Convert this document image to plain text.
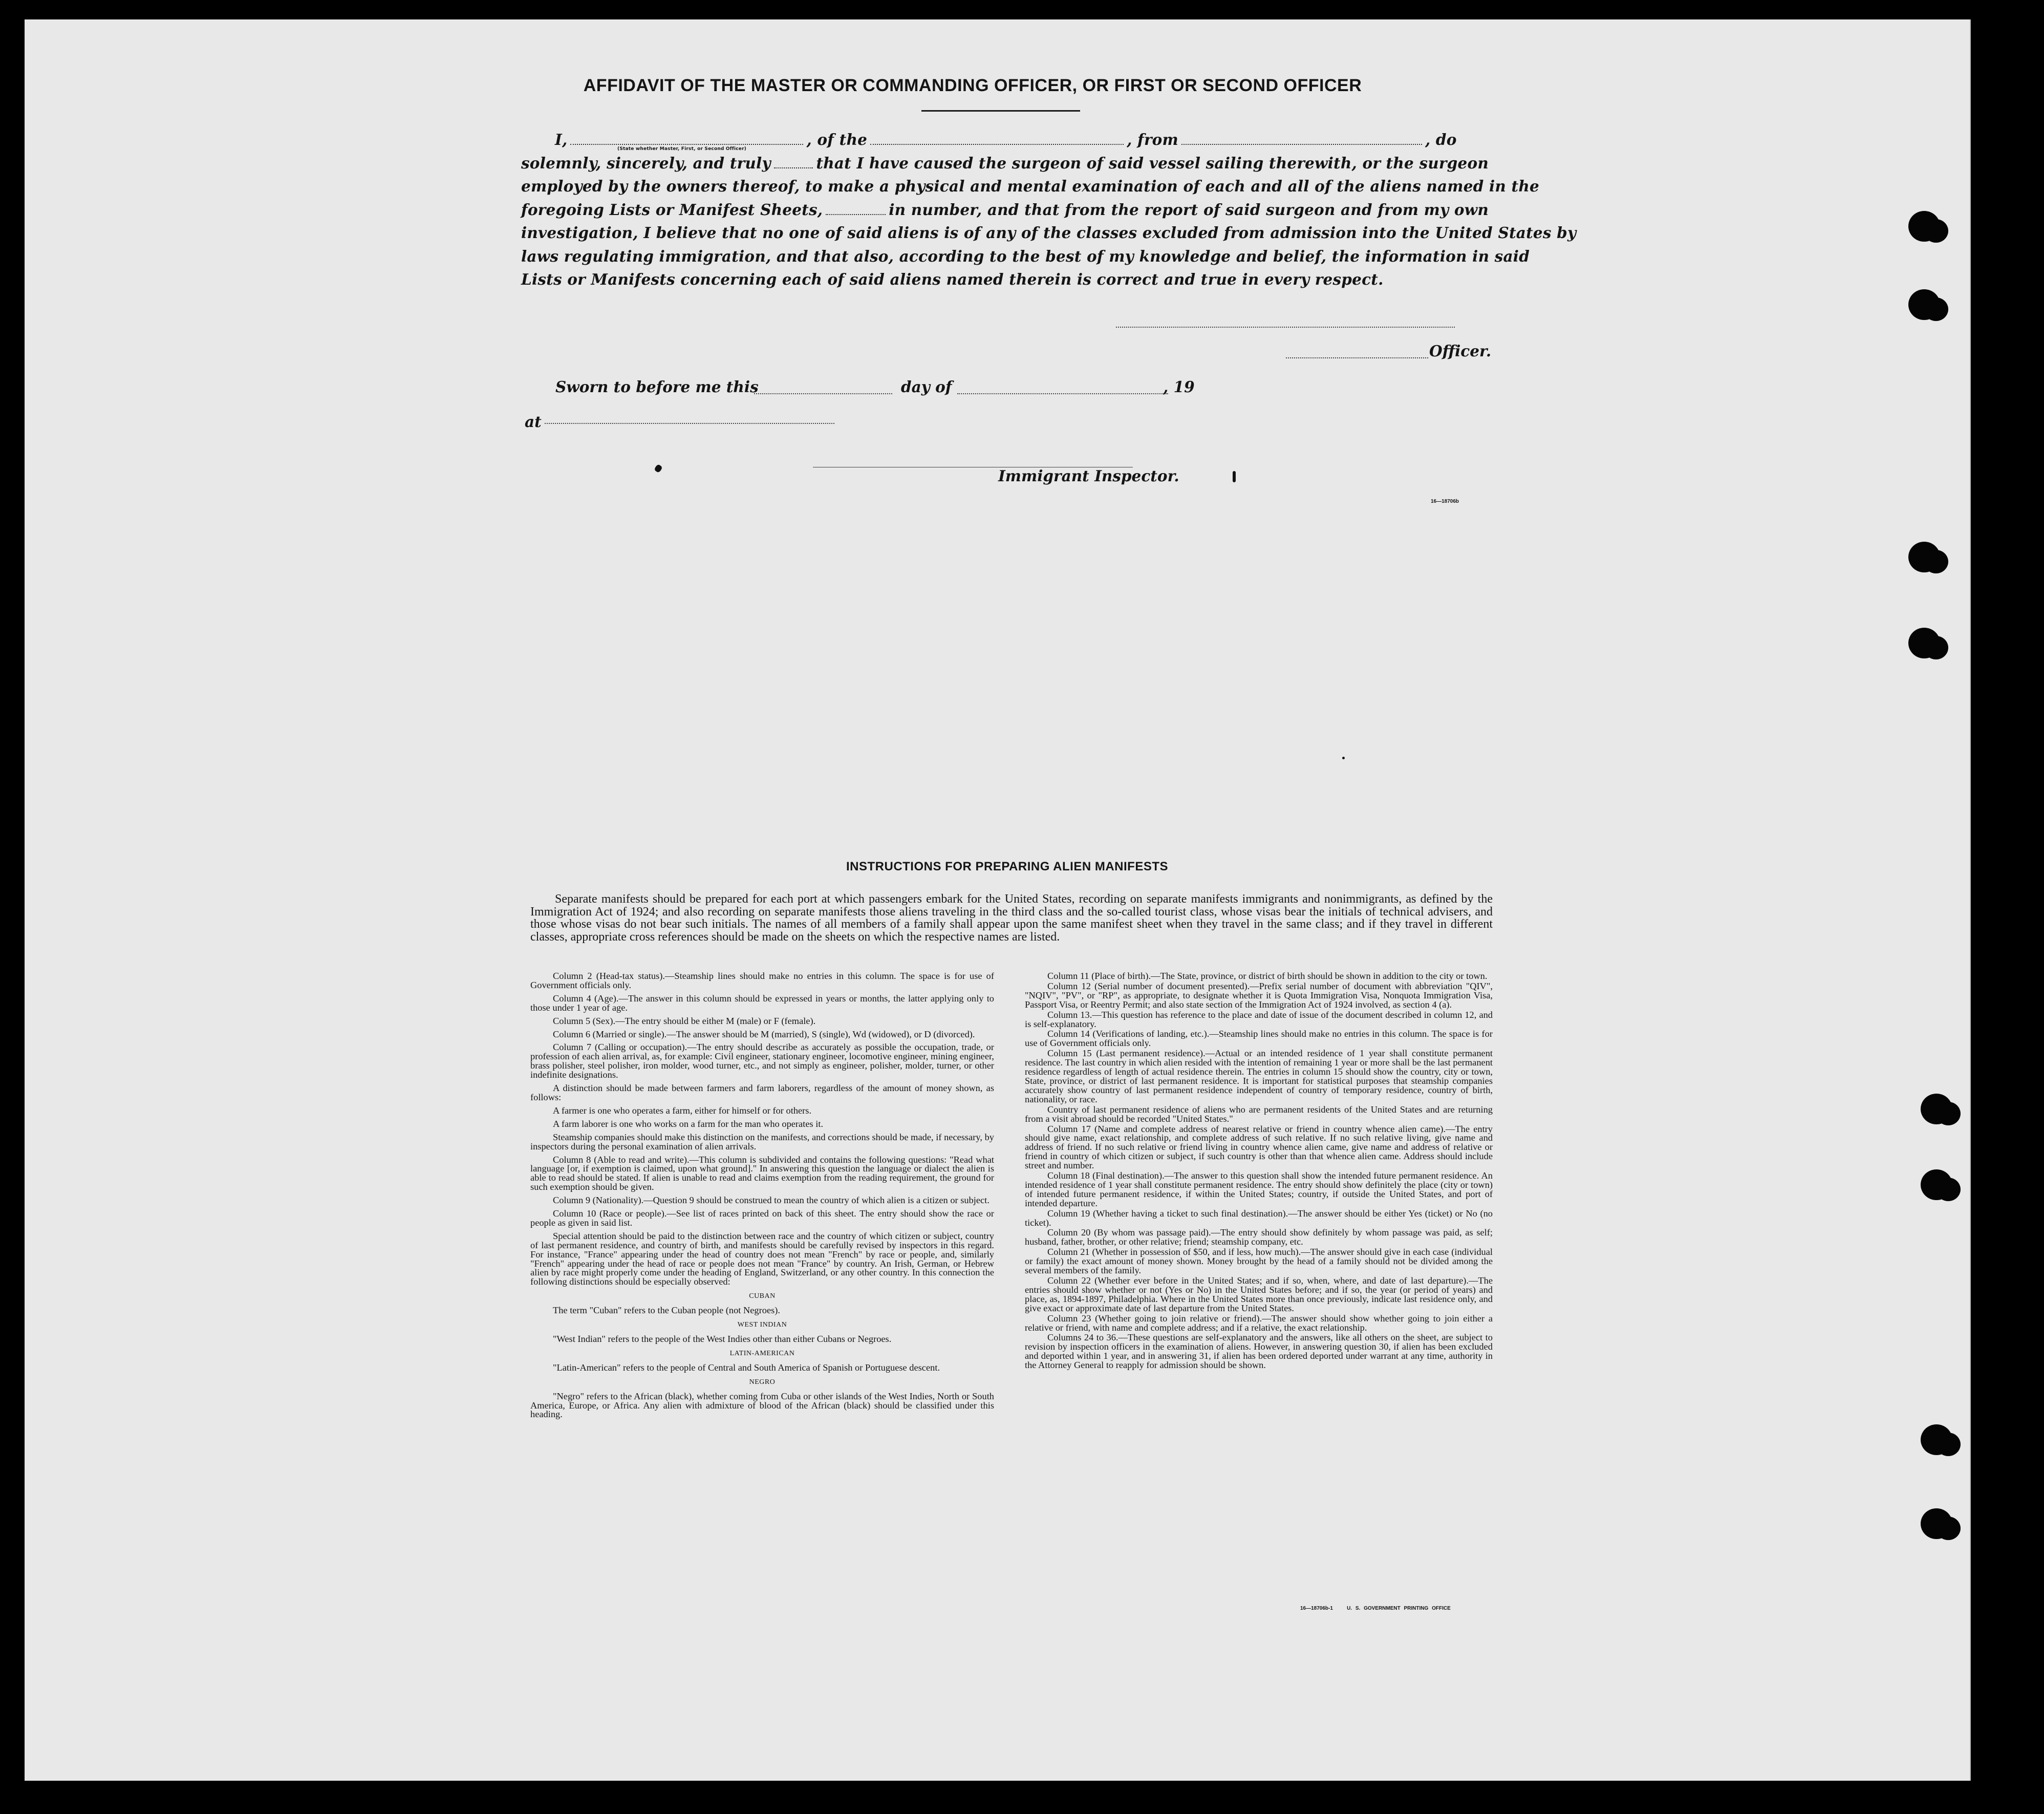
AFFIDAVIT OF THE MASTER OR COMMANDING OFFICER, OR FIRST OR SECOND OFFICER
I,	, of the	, from	, do
(State whether Master, First, or Second Officer)
solemnly, sincerely, and truly	that I have caused the surgeon of said vessel sailing therewith, or the surgeon
employed by the owners thereof, to make a physical and mental examination of each and all of the aliens named in the
foregoing Lists or Manifest Sheets,	in number, and that from the report of said surgeon and from my own
investigation, I believe that no one of said aliens is of any of the classes excluded from admission into the United States by
laws regulating immigration, and that also, according to the best of my knowledge and belief, the information in said
Lists or Manifests concerning each of said aliens named therein is correct and true in every respect.
Officer.
Sworn to before me this	day of	, 19
at
Immigrant Inspector.
16—18706b
INSTRUCTIONS FOR PREPARING ALIEN MANIFESTS
Separate manifests should be prepared for each port at which passengers embark for the United States, recording on separate manifests immigrants and nonimmigrants, as defined by the Immigration Act of 1924; and also recording on separate manifests those aliens traveling in the third class and the so-called tourist class, whose visas bear the initials of technical advisers, and those whose visas do not bear such initials. The names of all members of a family shall appear upon the same manifest sheet when they travel in the same class; and if they travel in different classes, appropriate cross references should be made on the sheets on which the respective names are listed.

Column 2 (Head-tax status).—Steamship lines should make no entries in this column. The space is for use of Government officials only.

Column 4 (Age).—The answer in this column should be expressed in years or months, the latter applying only to those under 1 year of age.

Column 5 (Sex).—The entry should be either M (male) or F (female).

Column 6 (Married or single).—The answer should be M (married), S (single), Wd (widowed), or D (divorced).

Column 7 (Calling or occupation).—The entry should describe as accurately as possible the occupation, trade, or profession of each alien arrival, as, for example: Civil engineer, stationary engineer, locomotive engineer, mining engineer, brass polisher, steel polisher, iron molder, wood turner, etc., and not simply as engineer, polisher, molder, turner, or other indefinite designations.

A distinction should be made between farmers and farm laborers, regardless of the amount of money shown, as follows:

A farmer is one who operates a farm, either for himself or for others.

A farm laborer is one who works on a farm for the man who operates it.

Steamship companies should make this distinction on the manifests, and corrections should be made, if necessary, by inspectors during the personal examination of alien arrivals.

Column 8 (Able to read and write).—This column is subdivided and contains the following questions: "Read what language [or, if exemption is claimed, upon what ground]." In answering this question the language or dialect the alien is able to read should be stated. If alien is unable to read and claims exemption from the reading requirement, the ground for such exemption should be given.

Column 9 (Nationality).—Question 9 should be construed to mean the country of which alien is a citizen or subject.

Column 10 (Race or people).—See list of races printed on back of this sheet. The entry should show the race or people as given in said list.

Special attention should be paid to the distinction between race and the country of which citizen or subject, country of last permanent residence, and country of birth, and manifests should be carefully revised by inspectors in this regard. For instance, "France" appearing under the head of country does not mean "French" by race or people, and, similarly "French" appearing under the head of race or people does not mean "France" by country. An Irish, German, or Hebrew alien by race might properly come under the heading of England, Switzerland, or any other country. In this connection the following distinctions should be especially observed:

CUBAN

The term "Cuban" refers to the Cuban people (not Negroes).

WEST INDIAN

"West Indian" refers to the people of the West Indies other than either Cubans or Negroes.

LATIN-AMERICAN

"Latin-American" refers to the people of Central and South America of Spanish or Portuguese descent.

NEGRO

"Negro" refers to the African (black), whether coming from Cuba or other islands of the West Indies, North or South America, Europe, or Africa. Any alien with admixture of blood of the African (black) should be classified under this heading.

Column 11 (Place of birth).—The State, province, or district of birth should be shown in addition to the city or town.

Column 12 (Serial number of document presented).—Prefix serial number of document with abbreviation "QIV", "NQIV", "PV", or "RP", as appropriate, to designate whether it is Quota Immigration Visa, Nonquota Immigration Visa, Passport Visa, or Reentry Permit; and also state section of the Immigration Act of 1924 involved, as section 4 (a).

Column 13.—This question has reference to the place and date of issue of the document described in column 12, and is self-explanatory.

Column 14 (Verifications of landing, etc.).—Steamship lines should make no entries in this column. The space is for use of Government officials only.

Column 15 (Last permanent residence).—Actual or an intended residence of 1 year shall constitute permanent residence. The last country in which alien resided with the intention of remaining 1 year or more shall be the last permanent residence regardless of length of actual residence therein. The entries in column 15 should show the country, city or town, State, province, or district of last permanent residence. It is important for statistical purposes that steamship companies accurately show country of last permanent residence independent of country of temporary residence, country of birth, nationality, or race.

Country of last permanent residence of aliens who are permanent residents of the United States and are returning from a visit abroad should be recorded "United States."

Column 17 (Name and complete address of nearest relative or friend in country whence alien came).—The entry should give name, exact relationship, and complete address of such relative. If no such relative living, give name and address of friend. If no such relative or friend living in country whence alien came, give name and address of relative or friend in country of which citizen or subject, if such country is other than that whence alien came. Address should include street and number.

Column 18 (Final destination).—The answer to this question shall show the intended future permanent residence. An intended residence of 1 year shall constitute permanent residence. The entry should show definitely the place (city or town) of intended future permanent residence, if within the United States; country, if outside the United States, and port of intended departure.

Column 19 (Whether having a ticket to such final destination).—The answer should be either Yes (ticket) or No (no ticket).

Column 20 (By whom was passage paid).—The entry should show definitely by whom passage was paid, as self; husband, father, brother, or other relative; friend; steamship company, etc.

Column 21 (Whether in possession of $50, and if less, how much).—The answer should give in each case (individual or family) the exact amount of money shown. Money brought by the head of a family should not be divided among the several members of the family.

Column 22 (Whether ever before in the United States; and if so, when, where, and date of last departure).—The entries should show whether or not (Yes or No) in the United States before; and if so, the year (or period of years) and place, as, 1894-1897, Philadelphia. Where in the United States more than once previously, indicate last residence only, and give exact or approximate date of last departure from the United States.

Column 23 (Whether going to join relative or friend).—The answer should show whether going to join either a relative or friend, with name and complete address; and if a relative, the exact relationship.

Columns 24 to 36.—These questions are self-explanatory and the answers, like all others on the sheet, are subject to revision by inspection officers in the examination of aliens. However, in answering question 30, if alien has been excluded and deported within 1 year, and in answering 31, if alien has been ordered deported under warrant at any time, authority in the Attorney General to reapply for admission should be shown.

16—18706b-1	U. S. GOVERNMENT PRINTING OFFICE
